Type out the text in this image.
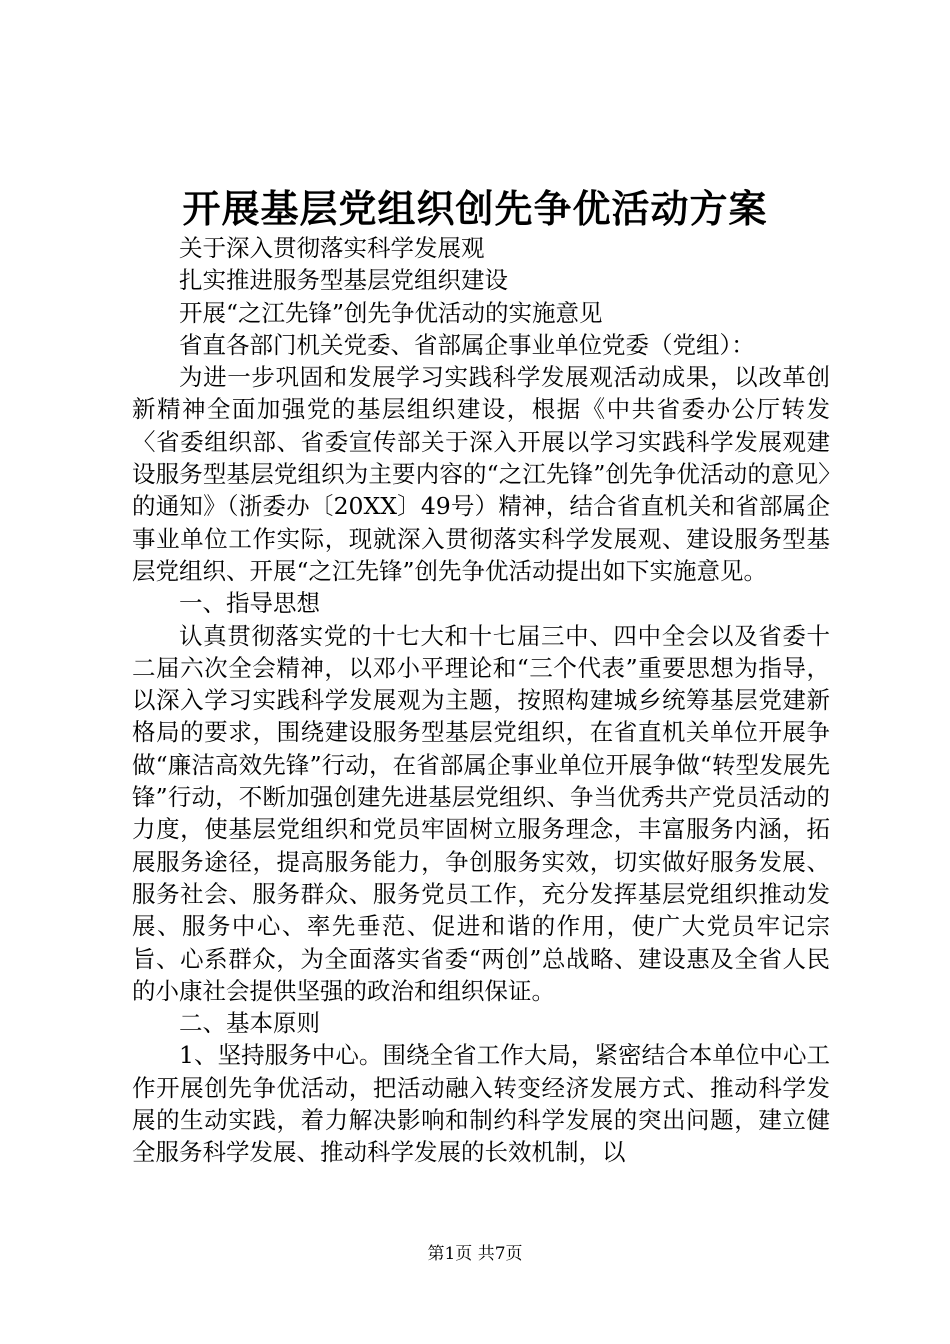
开展基层党组织创先争优活动方案

关于深入贯彻落实科学发展观

扎实推进服务型基层党组织建设

开展“之江先锋”创先争优活动的实施意见

省直各部门机关党委、省部属企事业单位党委（党组）：

为进一步巩固和发展学习实践科学发展观活动成果，以改革创新精神全面加强党的基层组织建设，根据《中共省委办公厅转发〈省委组织部、省委宣传部关于深入开展以学习实践科学发展观建设服务型基层党组织为主要内容的“之江先锋”创先争优活动的意见〉的通知》（浙委办〔20XX〕49号）精神，结合省直机关和省部属企事业单位工作实际，现就深入贯彻落实科学发展观、建设服务型基层党组织、开展“之江先锋”创先争优活动提出如下实施意见。

一、指导思想

认真贯彻落实党的十七大和十七届三中、四中全会以及省委十二届六次全会精神，以邓小平理论和“三个代表”重要思想为指导，以深入学习实践科学发展观为主题，按照构建城乡统筹基层党建新格局的要求，围绕建设服务型基层党组织，在省直机关单位开展争做“廉洁高效先锋”行动，在省部属企事业单位开展争做“转型发展先锋”行动，不断加强创建先进基层党组织、争当优秀共产党员活动的力度，使基层党组织和党员牢固树立服务理念，丰富服务内涵，拓展服务途径，提高服务能力，争创服务实效，切实做好服务发展、服务社会、服务群众、服务党员工作，充分发挥基层党组织推动发展、服务中心、率先垂范、促进和谐的作用，使广大党员牢记宗旨、心系群众，为全面落实省委“两创”总战略、建设惠及全省人民的小康社会提供坚强的政治和组织保证。

二、基本原则

1、坚持服务中心。围绕全省工作大局，紧密结合本单位中心工作开展创先争优活动，把活动融入转变经济发展方式、推动科学发展的生动实践，着力解决影响和制约科学发展的突出问题，建立健全服务科学发展、推动科学发展的长效机制，以

第1页 共7页
